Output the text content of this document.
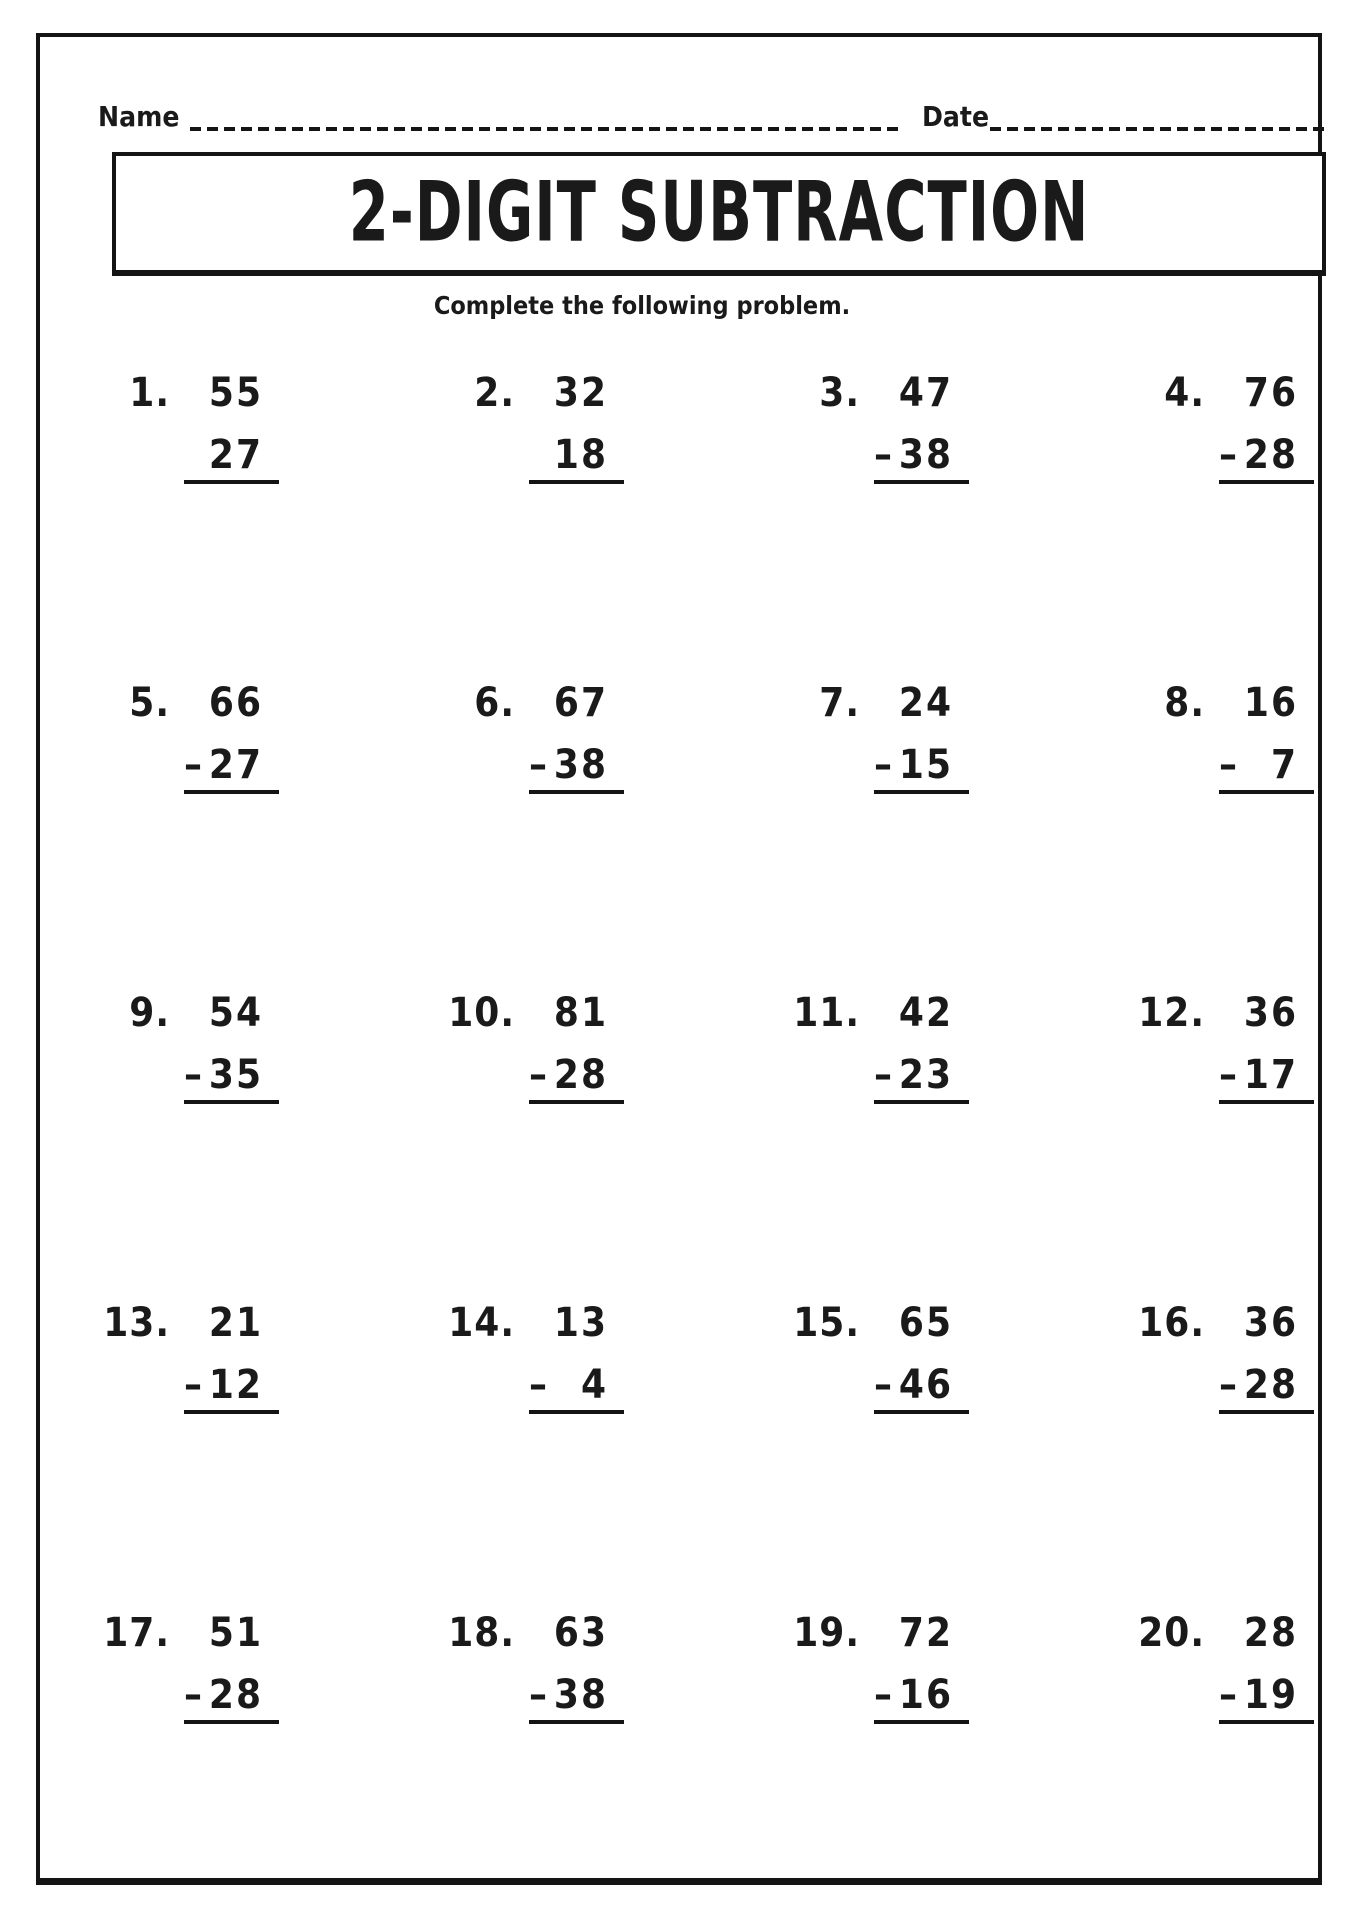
Name	Date
2-DIGIT SUBTRACTION
Complete the following problem.
1. 55
27
2. 32
18
3. 47
– 38
4. 76
– 28
5. 66
– 27
6. 67
– 38
7. 24
– 15
8. 16
– 7
9. 54
– 35
10. 81
– 28
11. 42
– 23
12. 36
– 17
13. 21
– 12
14. 13
– 4
15. 65
– 46
16. 36
– 28
17. 51
– 28
18. 63
– 38
19. 72
– 16
20. 28
– 19
